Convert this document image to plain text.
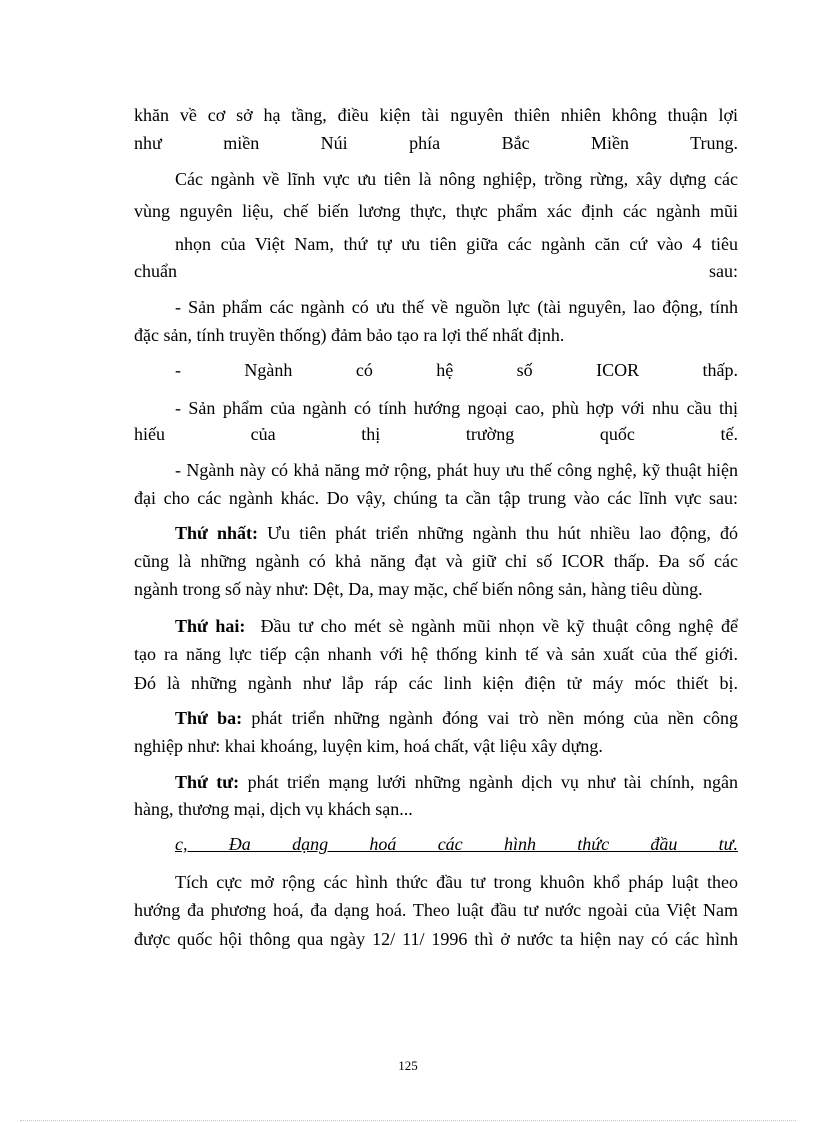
khăn về cơ sở hạ tầng, điều kiện tài nguyên thiên nhiên không thuận lợi
như miền Núi phía Bắc Miền Trung.
Các ngành về lĩnh vực ưu tiên là nông nghiệp, trồng rừng, xây dựng các
vùng nguyên liệu, chế biến lương thực, thực phẩm xác định các ngành mũi
nhọn của Việt Nam, thứ tự ưu tiên giữa các ngành căn cứ vào 4 tiêu
chuẩn sau:
- Sản phẩm các ngành có ưu thế về nguồn lực (tài nguyên, lao động, tính
đặc sản, tính truyền thống) đảm bảo tạo ra lợi thế nhất định.
- Ngành có hệ số ICOR thấp.
- Sản phẩm của ngành có tính hướng ngoại cao, phù hợp với nhu cầu thị
hiếu của thị trường quốc tế.
- Ngành này có khả năng mở rộng, phát huy ưu thế công nghệ, kỹ thuật hiện
đại cho các ngành khác. Do vậy, chúng ta cần tập trung vào các lĩnh vực sau:
Thứ nhất: Ưu tiên phát triển những ngành thu hút nhiều lao động, đó
cũng là những ngành có khả năng đạt và giữ chỉ số ICOR thấp. Đa số các
ngành trong số này như: Dệt, Da, may mặc, chế biến nông sản, hàng tiêu dùng.
Thứ hai: Đầu tư cho mét sè ngành mũi nhọn về kỹ thuật công nghệ để
tạo ra năng lực tiếp cận nhanh với hệ thống kinh tế và sản xuất của thế giới.
Đó là những ngành như lắp ráp các linh kiện điện tử máy móc thiết bị.
Thứ ba: phát triển những ngành đóng vai trò nền móng của nền công
nghiệp như: khai khoáng, luyện kim, hoá chất, vật liệu xây dựng.
Thứ tư: phát triển mạng lưới những ngành dịch vụ như tài chính, ngân
hàng, thương mại, dịch vụ khách sạn...
c, Đa dạng hoá các hình thức đầu tư.
Tích cực mở rộng các hình thức đầu tư trong khuôn khổ pháp luật theo
hướng đa phương hoá, đa dạng hoá. Theo luật đầu tư nước ngoài của Việt Nam
được quốc hội thông qua ngày 12/ 11/ 1996 thì ở nước ta hiện nay có các hình
125
